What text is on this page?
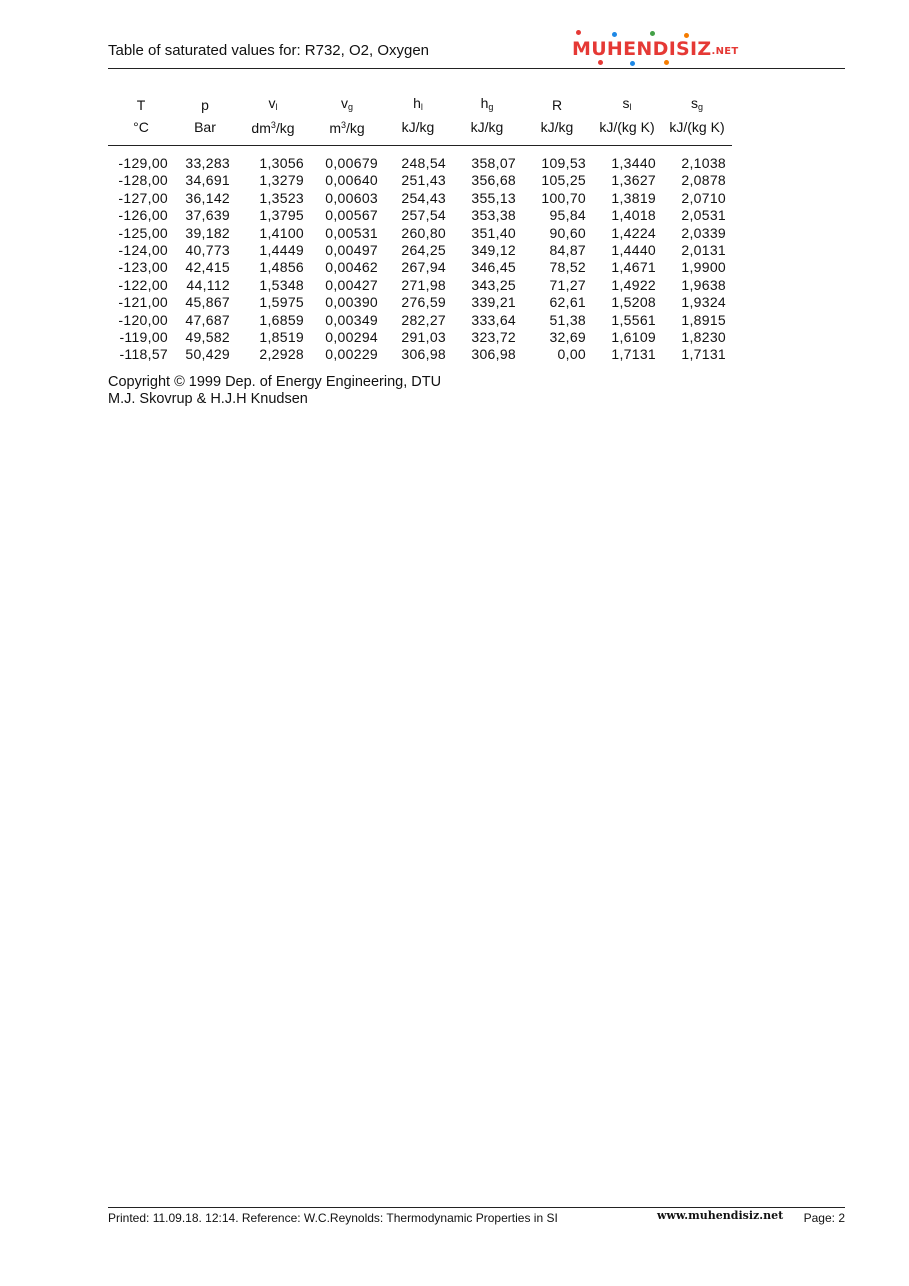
Table of saturated values for: R732, O2, Oxygen	MUHENDISIZ.NET
T	p	$v_l$	$v_g$	$h_l$	$h_g$	R	$s_l$	$s_g$
°C	Bar	$dm^3/kg$	$m^3/kg$	kJ/kg	kJ/kg	kJ/kg	kJ/(kg K)	kJ/(kg K)
-129,00	33,283	1,3056	0,00679	248,54	358,07	109,53	1,3440	2,1038
-128,00	34,691	1,3279	0,00640	251,43	356,68	105,25	1,3627	2,0878
-127,00	36,142	1,3523	0,00603	254,43	355,13	100,70	1,3819	2,0710
-126,00	37,639	1,3795	0,00567	257,54	353,38	95,84	1,4018	2,0531
-125,00	39,182	1,4100	0,00531	260,80	351,40	90,60	1,4224	2,0339
-124,00	40,773	1,4449	0,00497	264,25	349,12	84,87	1,4440	2,0131
-123,00	42,415	1,4856	0,00462	267,94	346,45	78,52	1,4671	1,9900
-122,00	44,112	1,5348	0,00427	271,98	343,25	71,27	1,4922	1,9638
-121,00	45,867	1,5975	0,00390	276,59	339,21	62,61	1,5208	1,9324
-120,00	47,687	1,6859	0,00349	282,27	333,64	51,38	1,5561	1,8915
-119,00	49,582	1,8519	0,00294	291,03	323,72	32,69	1,6109	1,8230
-118,57	50,429	2,2928	0,00229	306,98	306,98	0,00	1,7131	1,7131
Copyright © 1999 Dep. of Energy Engineering, DTU
M.J. Skovrup & H.J.H Knudsen
Printed: 11.09.18. 12:14. Reference: W.C.Reynolds: Thermodynamic Properties in SI	www.muhendisiz.net Page: 2
